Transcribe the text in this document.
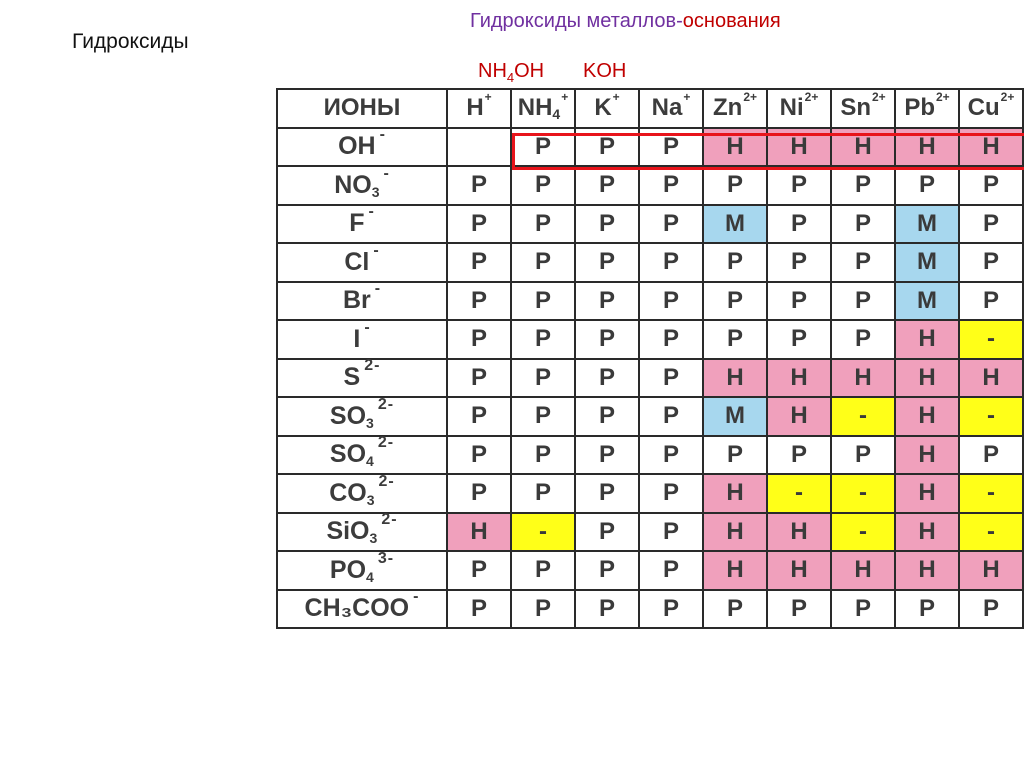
Гидроксиды
Гидроксиды металлов-основания
$NH_4OH$ KOH
ИОНЫ	H+	NH4+	K+	Na+	$Zn^{2+}$	$Ni^{2+}$	$Sn^{2+}$	$Pb^{2+}$	$Cu^{2+}$
OH -		Р	Р	Р	Н	Н	Н	Н	Н
NO3-	Р	Р	Р	Р	Р	Р	Р	Р	Р
F -	Р	Р	Р	Р	М	Р	Р	М	Р
Cl -	Р	Р	Р	Р	Р	Р	Р	М	Р
Br -	Р	Р	Р	Р	Р	Р	Р	М	Р
I -	Р	Р	Р	Р	Р	Р	Р	Н	-
S $^{2-}$	Р	Р	Р	Р	Н	Н	Н	Н	Н
$SO3^{2-}$	Р	Р	Р	Р	М	Н	-	Н	-
$SO4^{2-}$	Р	Р	Р	Р	Р	Р	Р	Н	Р
$CO3^{2-}$	Р	Р	Р	Р	Н	-	-	Н	-
$SiO3^{2-}$	Н	-	Р	Р	Н	Н	-	Н	-
$PO4^{3-}$	Р	Р	Р	Р	Н	Н	Н	Н	Н
CH₃COO -	Р	Р	Р	Р	Р	Р	Р	Р	Р
